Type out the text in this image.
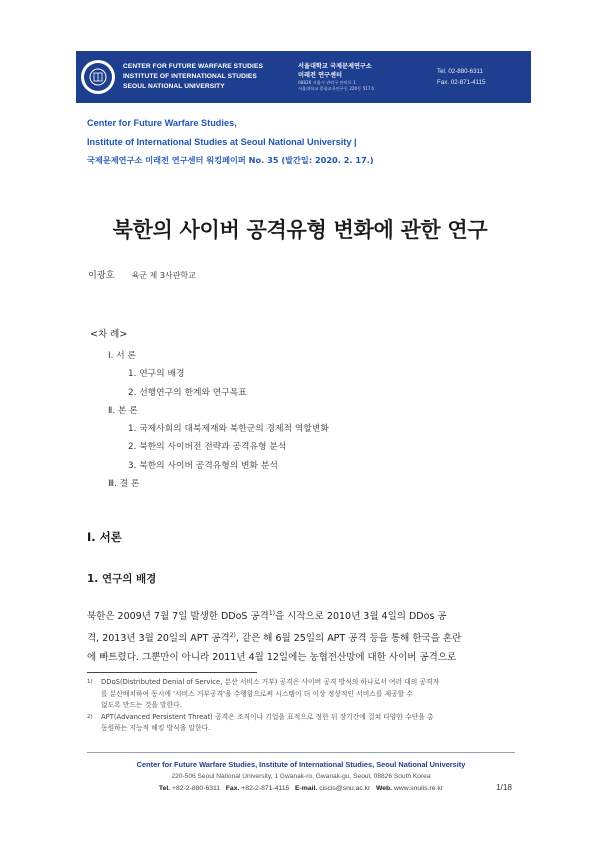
CENTER FOR FUTURE WARFARE STUDIES
INSTITUTE OF INTERNATIONAL STUDIES
SEOUL NATIONAL UNIVERSITY
서울대학교 국제문제연구소
미래전 연구센터
08826 서울시 관악구 관악로 1
서울대학교 종합교육연구동 220동 517호
Tel. 02-880-6311
Fax. 02-871-4115
Center for Future Warfare Studies,
Institute of International Studies at Seoul National University |
국제문제연구소 미래전 연구센터 워킹페이퍼 No. 35 (발간일: 2020. 2. 17.)
북한의 사이버 공격유형 변화에 관한 연구
이광호 육군 제 3사관학교
<차 례>
Ⅰ. 서 론
1. 연구의 배경
2. 선행연구의 한계와 연구목표
Ⅱ. 본 론
1. 국제사회의 대북제재와 북한군의 경제적 역할변화
2. 북한의 사이버전 전략과 공격유형 분석
3. 북한의 사이버 공격유형의 변화 분석
Ⅲ. 결 론
Ⅰ. 서론
1. 연구의 배경
북한은 2009년 7월 7일 발생한 DDoS 공격$^{1)}$을 시작으로 2010년 3월 4일의 DDos 공
격, 2013년 3월 20일의 APT 공격$^{2)}$, 같은 해 6월 25일의 APT 공격 등을 통해 한국을 혼란
에 빠트렸다. 그뿐만이 아니라 2011년 4월 12일에는 농협전산망에 대한 사이버 공격으로
1) DDoS(Distributed Denial of Service, 분산 서비스 거부) 공격은 사이버 공격 방식의 하나로서 여러 대의 공격자
를 분산배치하여 동시에 '서비스 거부공격'을 수행함으로써 시스템이 더 이상 정상적인 서비스를 제공할 수
없도록 만드는 것을 말한다.
2) APT(Advanced Persistent Threat) 공격은 조직이나 기업을 표적으로 정한 뒤 장기간에 걸쳐 다양한 수단을 총
동원하는 지능적 해킹 방식을 말한다.
Center for Future Warfare Studies, Institute of International Studies, Seoul National University
220-506 Seoul National University, 1 Gwanak-ro, Gwanak-gu, Seoul, 08826 South Korea
Tel. +82-2-880-6311 Fax. +82-2-871-4115 E-mail. ciscis@snu.ac.kr Web. www.snuiis.re.kr	1/18
